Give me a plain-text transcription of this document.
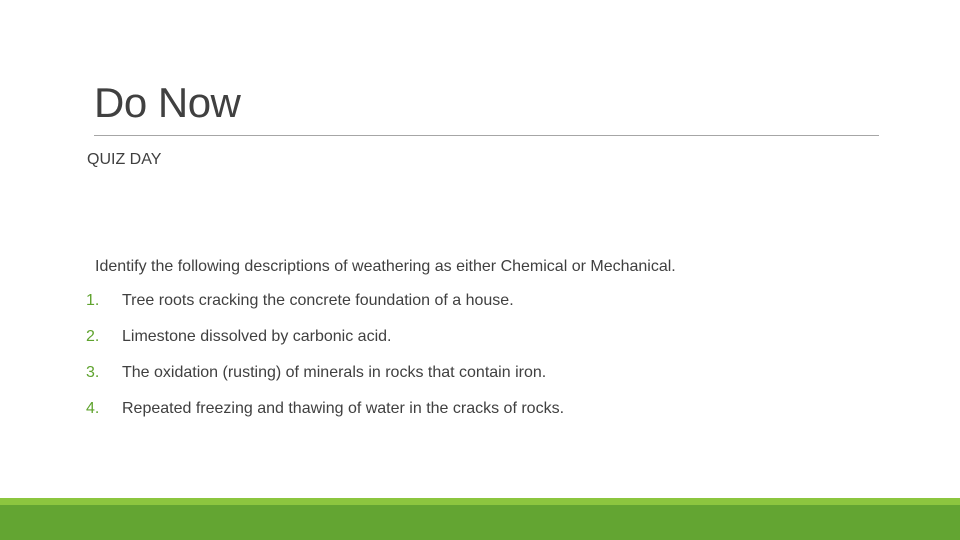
Do Now
QUIZ DAY
Identify the following descriptions of weathering as either Chemical or Mechanical.
1.	Tree roots cracking the concrete foundation of a house.
2.	Limestone dissolved by carbonic acid.
3.	The oxidation (rusting) of minerals in rocks that contain iron.
4.	Repeated freezing and thawing of water in the cracks of rocks.
